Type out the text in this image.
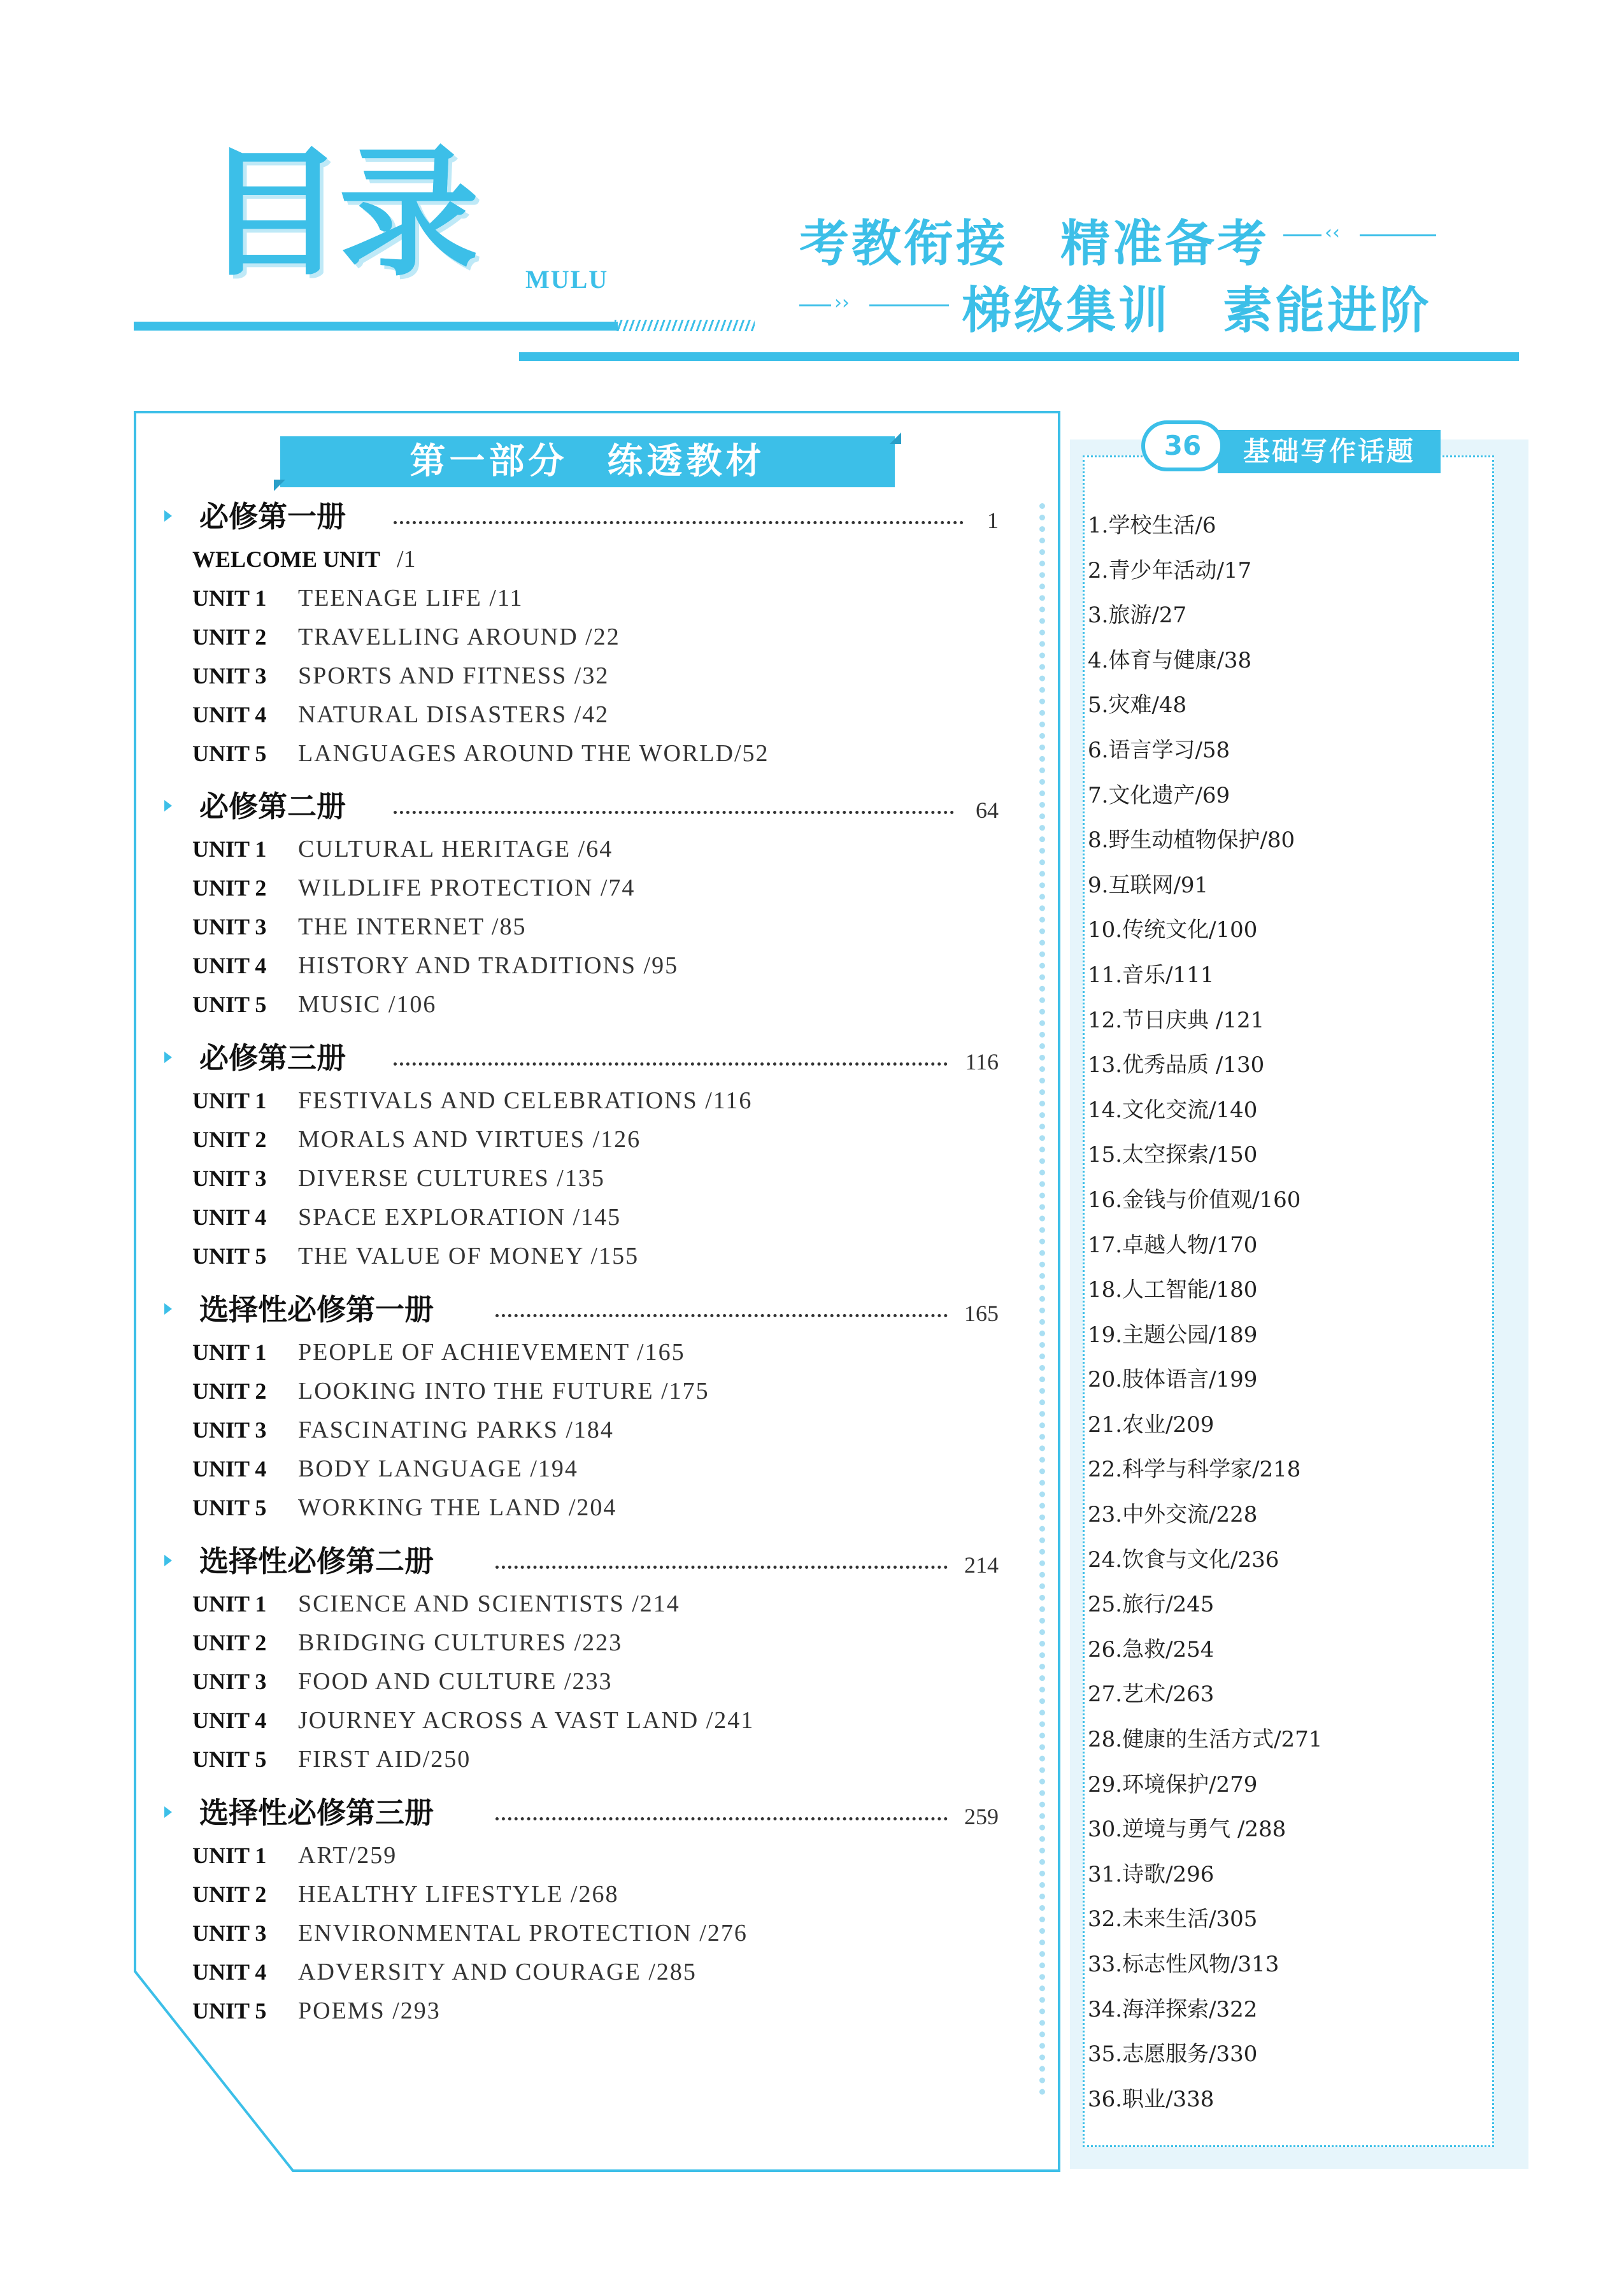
目录 MULU
考教衔接　精准备考	‹‹
›› 梯级集训　素能进阶
第一部分　练透教材
必修第一册	1
WELCOME UNIT /1
UNIT 1 TEENAGE LIFE /11
UNIT 2 TRAVELLING AROUND /22
UNIT 3 SPORTS AND FITNESS /32
UNIT 4 NATURAL DISASTERS /42
UNIT 5 LANGUAGES AROUND THE WORLD/52
必修第二册	64
UNIT 1 CULTURAL HERITAGE /64
UNIT 2 WILDLIFE PROTECTION /74
UNIT 3 THE INTERNET /85
UNIT 4 HISTORY AND TRADITIONS /95
UNIT 5 MUSIC /106
必修第三册	116
UNIT 1 FESTIVALS AND CELEBRATIONS /116
UNIT 2 MORALS AND VIRTUES /126
UNIT 3 DIVERSE CULTURES /135
UNIT 4 SPACE EXPLORATION /145
UNIT 5 THE VALUE OF MONEY /155
选择性必修第一册	165
UNIT 1 PEOPLE OF ACHIEVEMENT /165
UNIT 2 LOOKING INTO THE FUTURE /175
UNIT 3 FASCINATING PARKS /184
UNIT 4 BODY LANGUAGE /194
UNIT 5 WORKING THE LAND /204
选择性必修第二册	214
UNIT 1 SCIENCE AND SCIENTISTS /214
UNIT 2 BRIDGING CULTURES /223
UNIT 3 FOOD AND CULTURE /233
UNIT 4 JOURNEY ACROSS A VAST LAND /241
UNIT 5 FIRST AID/250
选择性必修第三册	259
UNIT 1 ART/259
UNIT 2 HEALTHY LIFESTYLE /268
UNIT 3 ENVIRONMENTAL PROTECTION /276
UNIT 4 ADVERSITY AND COURAGE /285
UNIT 5 POEMS /293
基础写作话题
36
1.学校生活/6
2.青少年活动/17
3.旅游/27
4.体育与健康/38
5.灾难/48
6.语言学习/58
7.文化遗产/69
8.野生动植物保护/80
9.互联网/91
10.传统文化/100
11.音乐/111
12.节日庆典 /121
13.优秀品质 /130
14.文化交流/140
15.太空探索/150
16.金钱与价值观/160
17.卓越人物/170
18.人工智能/180
19.主题公园/189
20.肢体语言/199
21.农业/209
22.科学与科学家/218
23.中外交流/228
24.饮食与文化/236
25.旅行/245
26.急救/254
27.艺术/263
28.健康的生活方式/271
29.环境保护/279
30.逆境与勇气 /288
31.诗歌/296
32.未来生活/305
33.标志性风物/313
34.海洋探索/322
35.志愿服务/330
36.职业/338
